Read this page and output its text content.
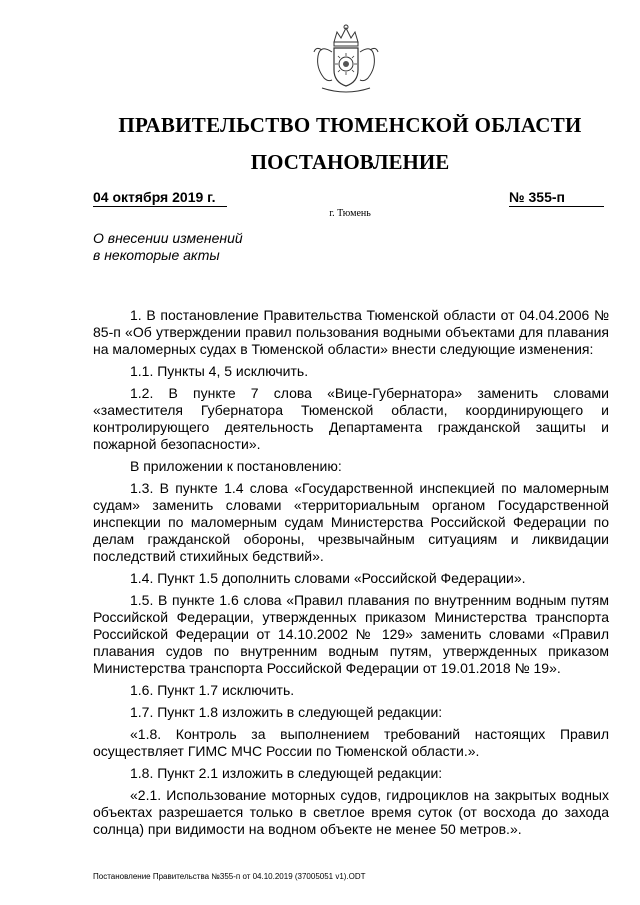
ПРАВИТЕЛЬСТВО ТЮМЕНСКОЙ ОБЛАСТИ
ПОСТАНОВЛЕНИЕ
04 октября 2019 г.	№ 355-п
г. Тюмень
О внесении изменений
в некоторые акты

1. В постановление Правительства Тюменской области от 04.04.2006 № 85-п «Об утверждении правил пользования водными объектами для плавания на маломерных судах в Тюменской области» внести следующие изменения:

1.1. Пункты 4, 5 исключить.

1.2. В пункте 7 слова «Вице-Губернатора» заменить словами «заместителя Губернатора Тюменской области, координирующего и контролирующего деятельность Департамента гражданской защиты и пожарной безопасности».

В приложении к постановлению:

1.3. В пункте 1.4 слова «Государственной инспекцией по маломерным судам» заменить словами «территориальным органом Государственной инспекции по маломерным судам Министерства Российской Федерации по делам гражданской обороны, чрезвычайным ситуациям и ликвидации последствий стихийных бедствий».

1.4. Пункт 1.5 дополнить словами «Российской Федерации».

1.5. В пункте 1.6 слова «Правил плавания по внутренним водным путям Российской Федерации, утвержденных приказом Министерства транспорта Российской Федерации от 14.10.2002 № 129» заменить словами «Правил плавания судов по внутренним водным путям, утвержденных приказом Министерства транспорта Российской Федерации от 19.01.2018 № 19».

1.6. Пункт 1.7 исключить.

1.7. Пункт 1.8 изложить в следующей редакции:

«1.8. Контроль за выполнением требований настоящих Правил осуществляет ГИМС МЧС России по Тюменской области.».

1.8. Пункт 2.1 изложить в следующей редакции:

«2.1. Использование моторных судов, гидроциклов на закрытых водных объектах разрешается только в светлое время суток (от восхода до захода солнца) при видимости на водном объекте не менее 50 метров.».

Постановление Правительства №355-п от 04.10.2019 (37005051 v1).ODT
